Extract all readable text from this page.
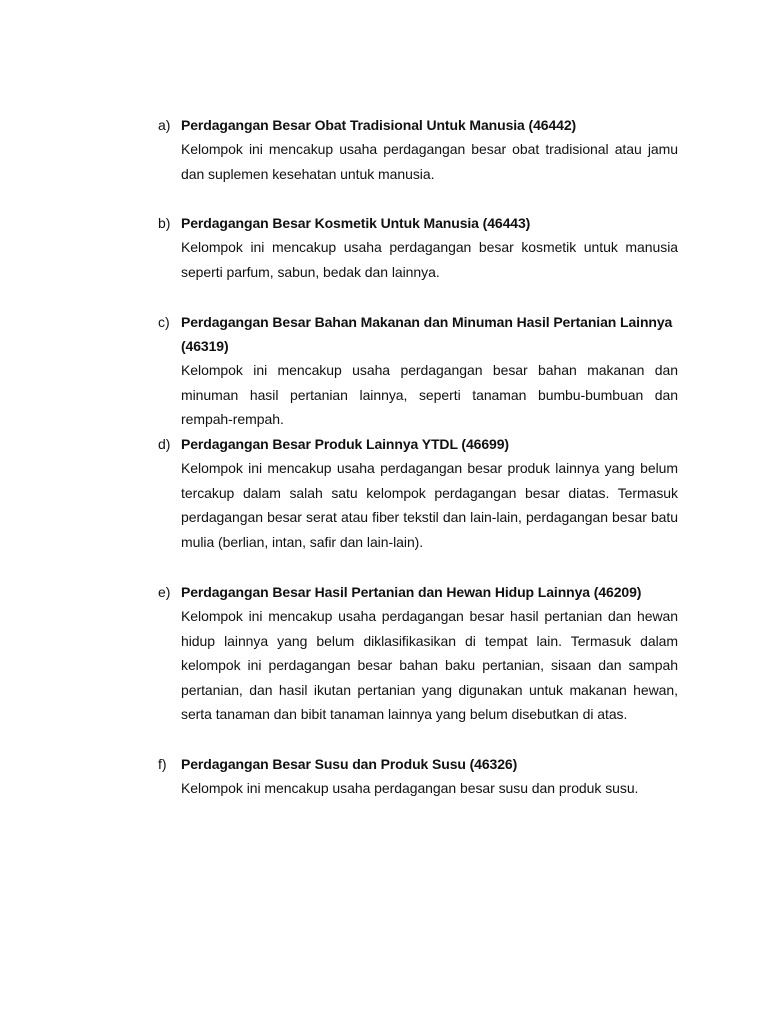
a) Perdagangan Besar Obat Tradisional Untuk Manusia (46442)
Kelompok ini mencakup usaha perdagangan besar obat tradisional atau jamu dan suplemen kesehatan untuk manusia.
b) Perdagangan Besar Kosmetik Untuk Manusia (46443)
Kelompok ini mencakup usaha perdagangan besar kosmetik untuk manusia seperti parfum, sabun, bedak dan lainnya.
c) Perdagangan Besar Bahan Makanan dan Minuman Hasil Pertanian Lainnya (46319)
Kelompok ini mencakup usaha perdagangan besar bahan makanan dan minuman hasil pertanian lainnya, seperti tanaman bumbu-bumbuan dan rempah-rempah.
d) Perdagangan Besar Produk Lainnya YTDL (46699)
Kelompok ini mencakup usaha perdagangan besar produk lainnya yang belum tercakup dalam salah satu kelompok perdagangan besar diatas. Termasuk perdagangan besar serat atau fiber tekstil dan lain-lain, perdagangan besar batu mulia (berlian, intan, safir dan lain-lain).
e) Perdagangan Besar Hasil Pertanian dan Hewan Hidup Lainnya (46209)
Kelompok ini mencakup usaha perdagangan besar hasil pertanian dan hewan hidup lainnya yang belum diklasifikasikan di tempat lain. Termasuk dalam kelompok ini perdagangan besar bahan baku pertanian, sisaan dan sampah pertanian, dan hasil ikutan pertanian yang digunakan untuk makanan hewan, serta tanaman dan bibit tanaman lainnya yang belum disebutkan di atas.
f) Perdagangan Besar Susu dan Produk Susu (46326)
Kelompok ini mencakup usaha perdagangan besar susu dan produk susu.
